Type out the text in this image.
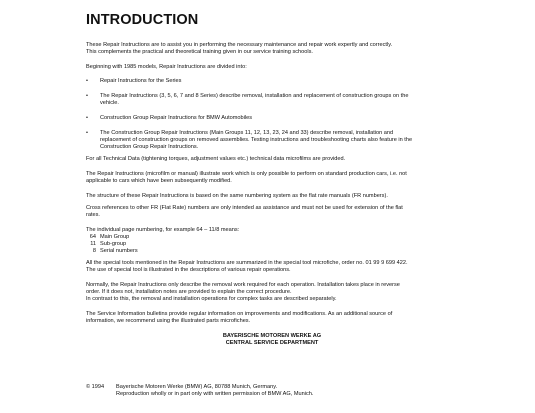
INTRODUCTION

These Repair Instructions are to assist you in performing the necessary maintenance and repair work expertly and correctly.

This complements the practical and theoretical training given in our service training schools.

Beginning with 1985 models, Repair Instructions are divided into:

• Repair Instructions for the Series

• The Repair Instructions (3, 5, 6, 7 and 8 Series) describe removal, installation and replacement of construction groups on the

vehicle.

• Construction Group Repair Instructions for BMW Automobiles

• The Construction Group Repair Instructions (Main Groups 11, 12, 13, 23, 24 and 33) describe removal, installation and

replacement of construction groups on removed assemblies. Testing instructions and troubleshooting charts also feature in the

Construction Group Repair Instructions.

For all Technical Data (tightening torques, adjustment values etc.) technical data microfilms are provided.

The Repair Instructions (microfilm or manual) illustrate work which is only possible to perform on standard production cars, i.e. not

applicable to cars which have been subsequently modified.

The structure of these Repair Instructions is based on the same numbering system as the flat rate manuals (FR numbers).

Cross references to other FR (Flat Rate) numbers are only intended as assistance and must not be used for extension of the flat

rates.

The individual page numbering, for example 64 – 11/8 means:

64 Main Group
11 Sub-group
8 Serial numbers

All the special tools mentioned in the Repair Instructions are summarized in the special tool microfiche, order no. 01 99 9 699 422.

The use of special tool is illustrated in the descriptions of various repair operations.

Normally, the Repair Instructions only describe the removal work required for each operation. Installation takes place in reverse

order. If it does not, installation notes are provided to explain the correct procedure.

In contrast to this, the removal and installation operations for complex tasks are described separately.

The Service Information bulletins provide regular information on improvements and modifications. As an additional source of

information, we recommend using the illustrated parts microfiches.

BAYERISCHE MOTOREN WERKE AG

CENTRAL SERVICE DEPARTMENT

© 1994	Bayerische Motoren Werke (BMW) AG, 80788 Munich, Germany.

Reproduction wholly or in part only with written permission of BMW AG, Munich.
